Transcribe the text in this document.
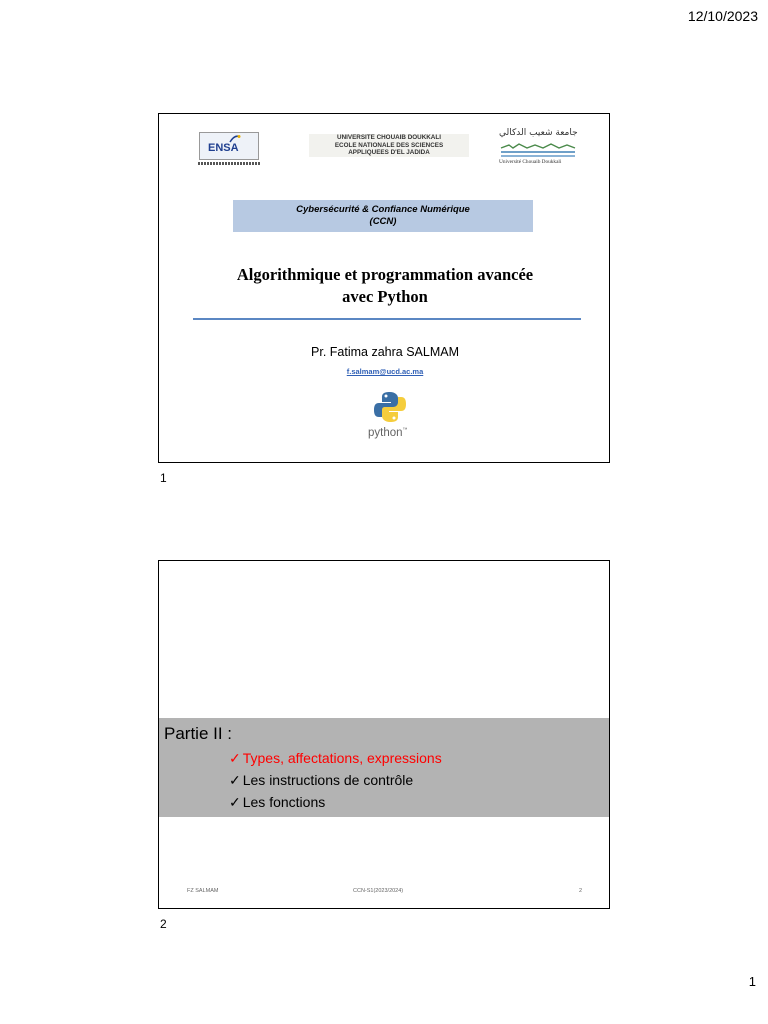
12/10/2023
ENSA
UNIVERSITE CHOUAIB DOUKKALI
ECOLE NATIONALE DES SCIENCES
APPLIQUEES D'EL JADIDA
جامعة شعيب الدكالي
Université Chouaib Doukkali
Cybersécurité & Confiance Numérique
(CCN)
Algorithmique et programmation avancée
avec Python
Pr. Fatima zahra SALMAM
f.salmam@ucd.ac.ma
python™
1
Partie II :
✓ Types, affectations, expressions
✓ Les instructions de contrôle
✓ Les fonctions
FZ SALMAM	CCN-S1(2023/2024)	2
2
1
